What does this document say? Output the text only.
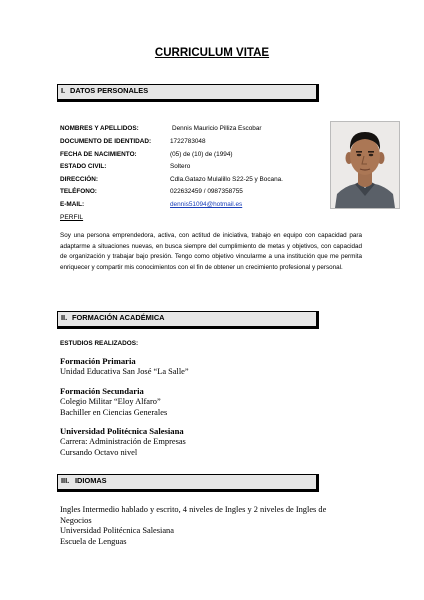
CURRICULUM VITAE
I. DATOS PERSONALES
NOMBRES Y APELLIDOS:	Dennis Mauricio Pilliza Escobar
DOCUMENTO DE IDENTIDAD:	1722783048
FECHA DE NACIMIENTO:	(05) de (10) de (1994)
ESTADO CIVIL:	Soltero
DIRECCIÓN:	Cdla.Gatazo Mulalillo S22-25 y Bocana.
TELÉFONO:	022632459 / 0987358755
E-MAIL:	dennis51094@hotmail.es
PERFIL
Soy una persona emprendedora, activa, con actitud de iniciativa, trabajo en equipo con capacidad para adaptarme a situaciones nuevas, en busca siempre del cumplimiento de metas y objetivos, con capacidad de organización y trabajar bajo presión. Tengo como objetivo vincularme a una institución que me permita enriquecer y compartir mis conocimientos con el fin de obtener un crecimiento profesional y personal.
II. FORMACIÓN ACADÉMICA
ESTUDIOS REALIZADOS:
Formación Primaria
Unidad Educativa San José “La Salle”
Formación Secundaria
Colegio Militar “Eloy Alfaro”
Bachiller en Ciencias Generales
Universidad Politécnica Salesiana
Carrera: Administración de Empresas
Cursando Octavo nivel
III. IDIOMAS
Ingles Intermedio hablado y escrito, 4 niveles de Ingles y 2 niveles de Ingles de
Negocios
Universidad Politécnica Salesiana
Escuela de Lenguas
